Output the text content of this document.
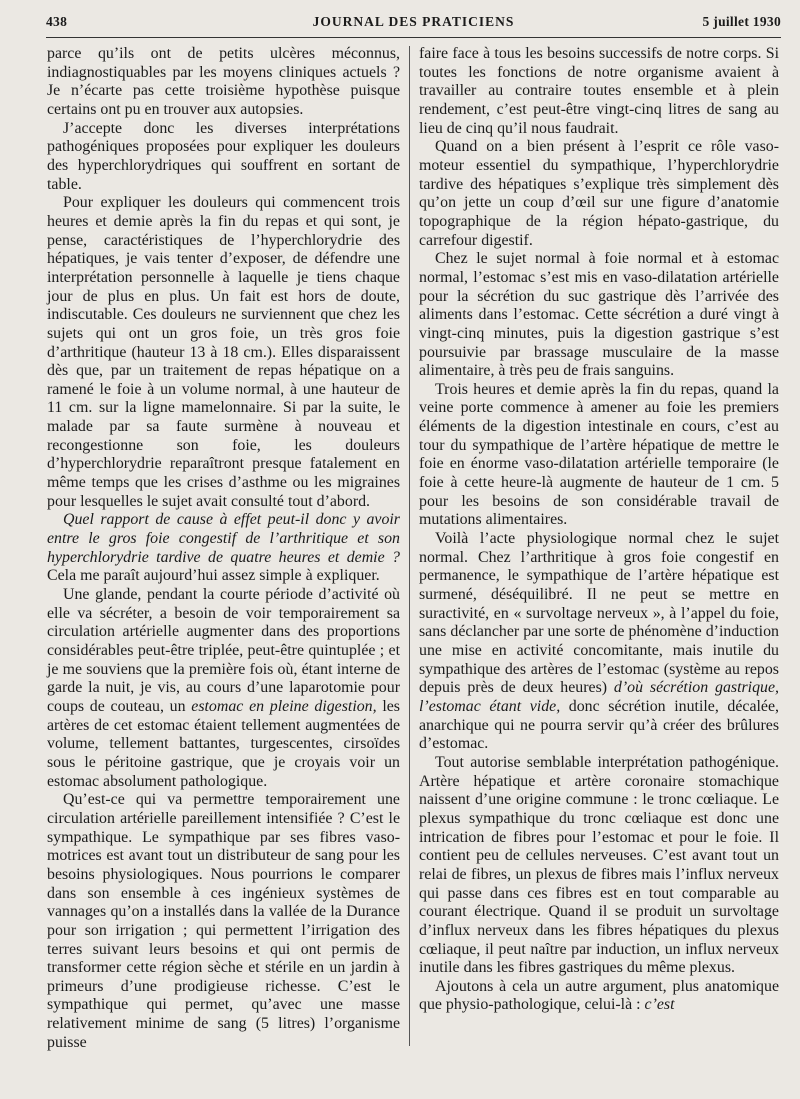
438	JOURNAL DES PRATICIENS	5 juillet 1930

parce qu’ils ont de petits ulcères méconnus, indiagnostiquables par les moyens cliniques actuels ? Je n’écarte pas cette troisième hypothèse puisque certains ont pu en trouver aux autopsies.

J’accepte donc les diverses interprétations pathogéniques proposées pour expliquer les douleurs des hyperchlorydriques qui souffrent en sortant de table.

Pour expliquer les douleurs qui commencent trois heures et demie après la fin du repas et qui sont, je pense, caractéristiques de l’hyperchlorydrie des hépatiques, je vais tenter d’exposer, de défendre une interprétation personnelle à laquelle je tiens chaque jour de plus en plus. Un fait est hors de doute, indiscutable. Ces douleurs ne surviennent que chez les sujets qui ont un gros foie, un très gros foie d’arthritique (hauteur 13 à 18 cm.). Elles disparaissent dès que, par un traitement de repas hépatique on a ramené le foie à un volume normal, à une hauteur de 11 cm. sur la ligne mamelonnaire. Si par la suite, le malade par sa faute surmène à nouveau et recongestionne son foie, les douleurs d’hyperchlorydrie reparaîtront presque fatalement en même temps que les crises d’asthme ou les migraines pour lesquelles le sujet avait consulté tout d’abord.

Quel rapport de cause à effet peut-il donc y avoir entre le gros foie congestif de l’arthritique et son hyperchlorydrie tardive de quatre heures et demie ? Cela me paraît aujourd’hui assez simple à expliquer.

Une glande, pendant la courte période d’activité où elle va sécréter, a besoin de voir temporairement sa circulation artérielle augmenter dans des proportions considérables peut-être triplée, peut-être quintuplée ; et je me souviens que la première fois où, étant interne de garde la nuit, je vis, au cours d’une laparotomie pour coups de couteau, un estomac en pleine digestion, les artères de cet estomac étaient tellement augmentées de volume, tellement battantes, turgescentes, cirsoïdes sous le péritoine gastrique, que je croyais voir un estomac absolument pathologique.

Qu’est-ce qui va permettre temporairement une circulation artérielle pareillement intensifiée ? C’est le sympathique. Le sympathique par ses fibres vaso-motrices est avant tout un distributeur de sang pour les besoins physiologiques. Nous pourrions le comparer dans son ensemble à ces ingénieux systèmes de vannages qu’on a installés dans la vallée de la Durance pour son irrigation ; qui permettent l’irrigation des terres suivant leurs besoins et qui ont permis de transformer cette région sèche et stérile en un jardin à primeurs d’une prodigieuse richesse. C’est le sympathique qui permet, qu’avec une masse relativement minime de sang (5 litres) l’organisme puisse

faire face à tous les besoins successifs de notre corps. Si toutes les fonctions de notre organisme avaient à travailler au contraire toutes ensemble et à plein rendement, c’est peut-être vingt-cinq litres de sang au lieu de cinq qu’il nous faudrait.

Quand on a bien présent à l’esprit ce rôle vaso-moteur essentiel du sympathique, l’hyperchlorydrie tardive des hépatiques s’explique très simplement dès qu’on jette un coup d’œil sur une figure d’anatomie topographique de la région hépato-gastrique, du carrefour digestif.

Chez le sujet normal à foie normal et à estomac normal, l’estomac s’est mis en vaso-dilatation artérielle pour la sécrétion du suc gastrique dès l’arrivée des aliments dans l’estomac. Cette sécrétion a duré vingt à vingt-cinq minutes, puis la digestion gastrique s’est poursuivie par brassage musculaire de la masse alimentaire, à très peu de frais sanguins.

Trois heures et demie après la fin du repas, quand la veine porte commence à amener au foie les premiers éléments de la digestion intestinale en cours, c’est au tour du sympathique de l’artère hépatique de mettre le foie en énorme vaso-dilatation artérielle temporaire (le foie à cette heure-là augmente de hauteur de 1 cm. 5 pour les besoins de son considérable travail de mutations alimentaires.

Voilà l’acte physiologique normal chez le sujet normal. Chez l’arthritique à gros foie congestif en permanence, le sympathique de l’artère hépatique est surmené, déséquilibré. Il ne peut se mettre en suractivité, en « survoltage nerveux », à l’appel du foie, sans déclancher par une sorte de phénomène d’induction une mise en activité concomitante, mais inutile du sympathique des artères de l’estomac (système au repos depuis près de deux heures) d’où sécrétion gastrique, l’estomac étant vide, donc sécrétion inutile, décalée, anarchique qui ne pourra servir qu’à créer des brûlures d’estomac.

Tout autorise semblable interprétation pathogénique. Artère hépatique et artère coronaire stomachique naissent d’une origine commune : le tronc cœliaque. Le plexus sympathique du tronc cœliaque est donc une intrication de fibres pour l’estomac et pour le foie. Il contient peu de cellules nerveuses. C’est avant tout un relai de fibres, un plexus de fibres mais l’influx nerveux qui passe dans ces fibres est en tout comparable au courant électrique. Quand il se produit un survoltage d’influx nerveux dans les fibres hépatiques du plexus cœliaque, il peut naître par induction, un influx nerveux inutile dans les fibres gastriques du même plexus.

Ajoutons à cela un autre argument, plus anatomique que physio-pathologique, celui-là : c’est
